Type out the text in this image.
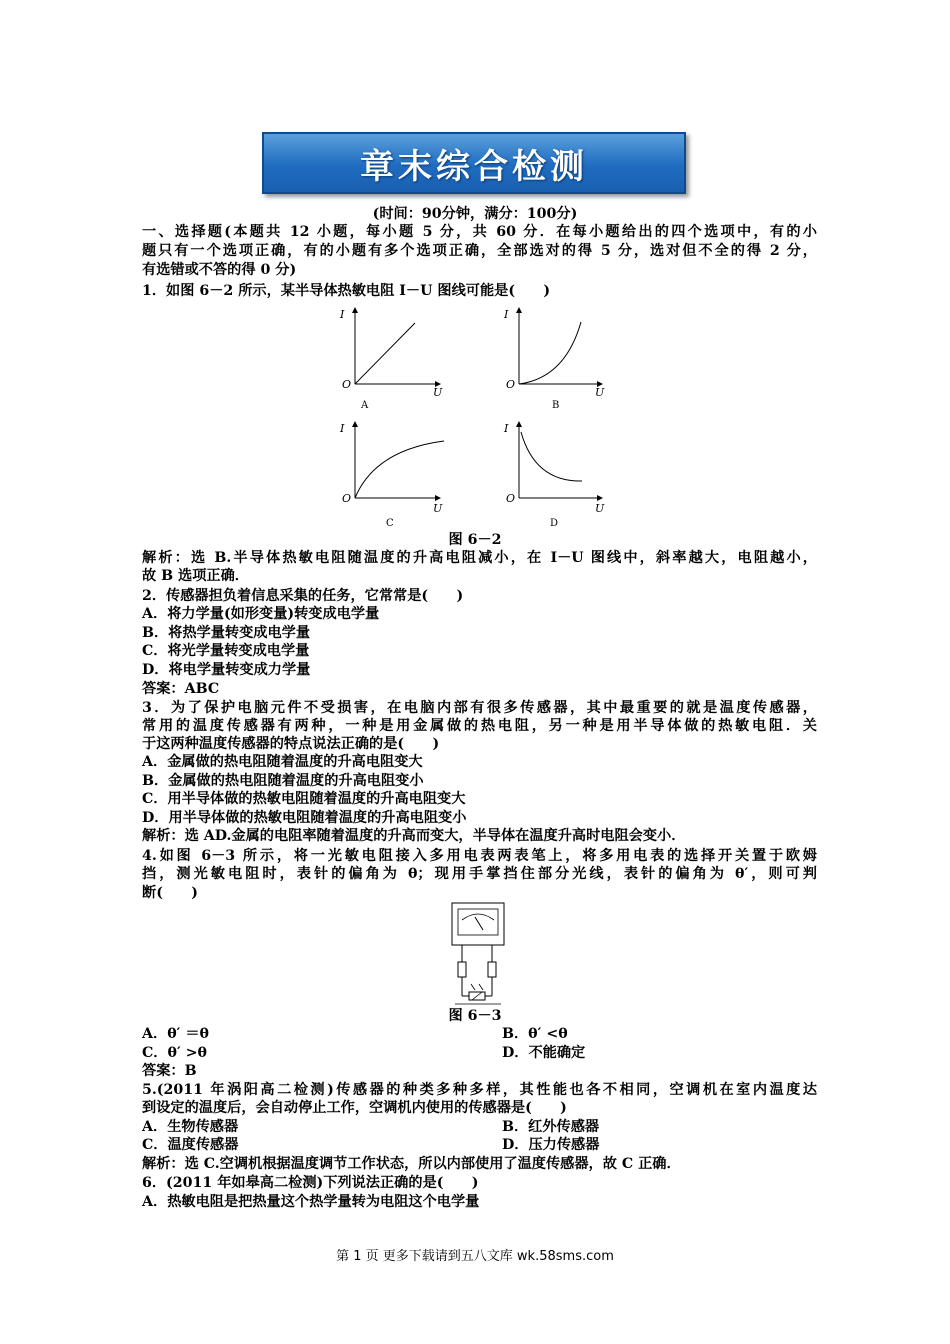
章末综合检测
(时间：90分钟，满分：100分)
一、选择题(本题共 12 小题，每小题 5 分，共 60 分．在每小题给出的四个选项中，有的小
题只有一个选项正确，有的小题有多个选项正确，全部选对的得 5 分，选对但不全的得 2 分，
有选错或不答的得 0 分)
1．如图 6－2 所示，某半导体热敏电阻 I－U 图线可能是(　　)
I
O
U
A
I
O
U
B
I
O
U
C
I
O
U
D
图 6－2
解析：选 B.半导体热敏电阻随温度的升高电阻减小，在 I－U 图线中，斜率越大，电阻越小，
故 B 选项正确．
2．传感器担负着信息采集的任务，它常常是(　　)
A．将力学量(如形变量)转变成电学量
B．将热学量转变成电学量
C．将光学量转变成电学量
D．将电学量转变成力学量
答案：ABC
3．为了保护电脑元件不受损害，在电脑内部有很多传感器，其中最重要的就是温度传感器，
常用的温度传感器有两种，一种是用金属做的热电阻，另一种是用半导体做的热敏电阻．关
于这两种温度传感器的特点说法正确的是(　　)
A．金属做的热电阻随着温度的升高电阻变大
B．金属做的热电阻随着温度的升高电阻变小
C．用半导体做的热敏电阻随着温度的升高电阻变大
D．用半导体做的热敏电阻随着温度的升高电阻变小
解析：选 AD.金属的电阻率随着温度的升高而变大，半导体在温度升高时电阻会变小．
4.如图 6－3 所示，将一光敏电阻接入多用电表两表笔上，将多用电表的选择开关置于欧姆
挡，测光敏电阻时，表针的偏角为 θ；现用手掌挡住部分光线，表针的偏角为 θ′，则可判
断(　　)
图 6－3
A．θ′ ＝θ	B．θ′ <θ
C．θ′ >θ	D．不能确定
答案：B
5.(2011 年涡阳高二检测)传感器的种类多种多样，其性能也各不相同，空调机在室内温度达
到设定的温度后，会自动停止工作，空调机内使用的传感器是(　　)
A．生物传感器	B．红外传感器
C．温度传感器	D．压力传感器
解析：选 C.空调机根据温度调节工作状态，所以内部使用了温度传感器，故 C 正确．
6．(2011 年如皋高二检测)下列说法正确的是(　　)
A．热敏电阻是把热量这个热学量转为电阻这个电学量
第 1 页 更多下载请到五八文库 wk.58sms.com
